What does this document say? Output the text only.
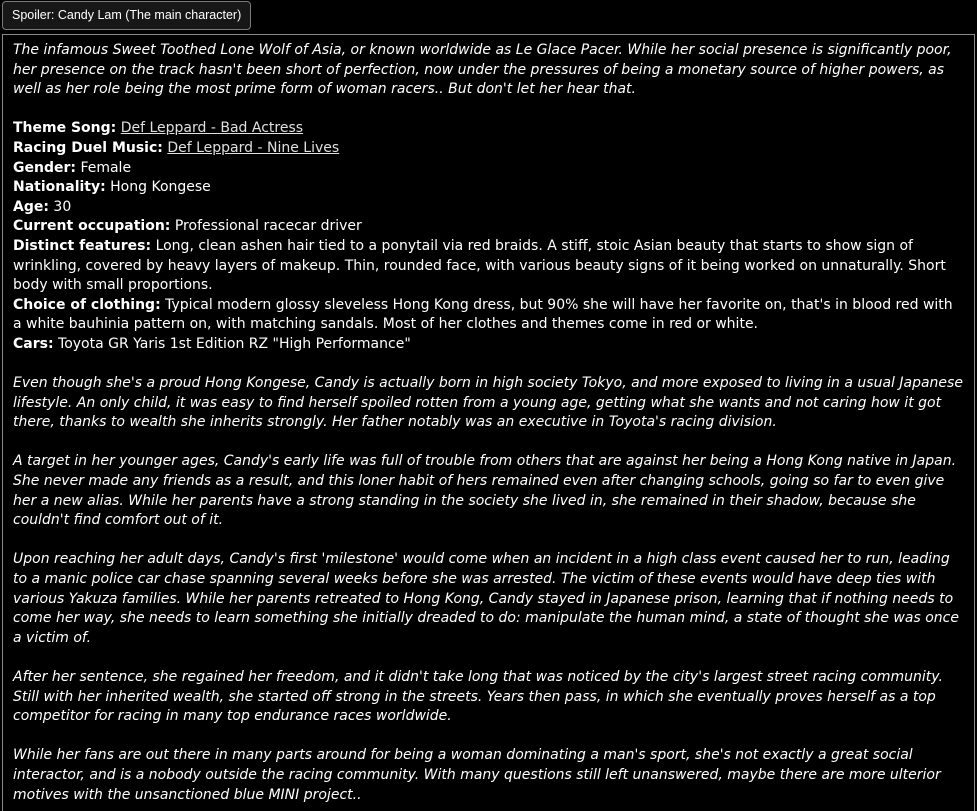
Spoiler: Candy Lam (The main character)

The infamous Sweet Toothed Lone Wolf of Asia, or known worldwide as Le Glace Pacer. While her social presence is significantly poor, her presence on the track hasn't been short of perfection, now under the pressures of being a monetary source of higher powers, as well as her role being the most prime form of woman racers.. But don't let her hear that.

Theme Song: Def Leppard - Bad Actress

Racing Duel Music: Def Leppard - Nine Lives

Gender: Female

Nationality: Hong Kongese

Age: 30

Current occupation: Professional racecar driver

Distinct features: Long, clean ashen hair tied to a ponytail via red braids. A stiff, stoic Asian beauty that starts to show sign of wrinkling, covered by heavy layers of makeup. Thin, rounded face, with various beauty signs of it being worked on unnaturally. Short body with small proportions.

Choice of clothing: Typical modern glossy sleveless Hong Kong dress, but 90% she will have her favorite on, that's in blood red with a white bauhinia pattern on, with matching sandals. Most of her clothes and themes come in red or white.

Cars: Toyota GR Yaris 1st Edition RZ "High Performance"

Even though she's a proud Hong Kongese, Candy is actually born in high society Tokyo, and more exposed to living in a usual Japanese lifestyle. An only child, it was easy to find herself spoiled rotten from a young age, getting what she wants and not caring how it got there, thanks to wealth she inherits strongly. Her father notably was an executive in Toyota's racing division.

A target in her younger ages, Candy's early life was full of trouble from others that are against her being a Hong Kong native in Japan. She never made any friends as a result, and this loner habit of hers remained even after changing schools, going so far to even give her a new alias. While her parents have a strong standing in the society she lived in, she remained in their shadow, because she couldn't find comfort out of it.

Upon reaching her adult days, Candy's first 'milestone' would come when an incident in a high class event caused her to run, leading to a manic police car chase spanning several weeks before she was arrested. The victim of these events would have deep ties with various Yakuza families. While her parents retreated to Hong Kong, Candy stayed in Japanese prison, learning that if nothing needs to come her way, she needs to learn something she initially dreaded to do: manipulate the human mind, a state of thought she was once a victim of.

After her sentence, she regained her freedom, and it didn't take long that was noticed by the city's largest street racing community. Still with her inherited wealth, she started off strong in the streets. Years then pass, in which she eventually proves herself as a top competitor for racing in many top endurance races worldwide.

While her fans are out there in many parts around for being a woman dominating a man's sport, she's not exactly a great social interactor, and is a nobody outside the racing community. With many questions still left unanswered, maybe there are more ulterior motives with the unsanctioned blue MINI project..
